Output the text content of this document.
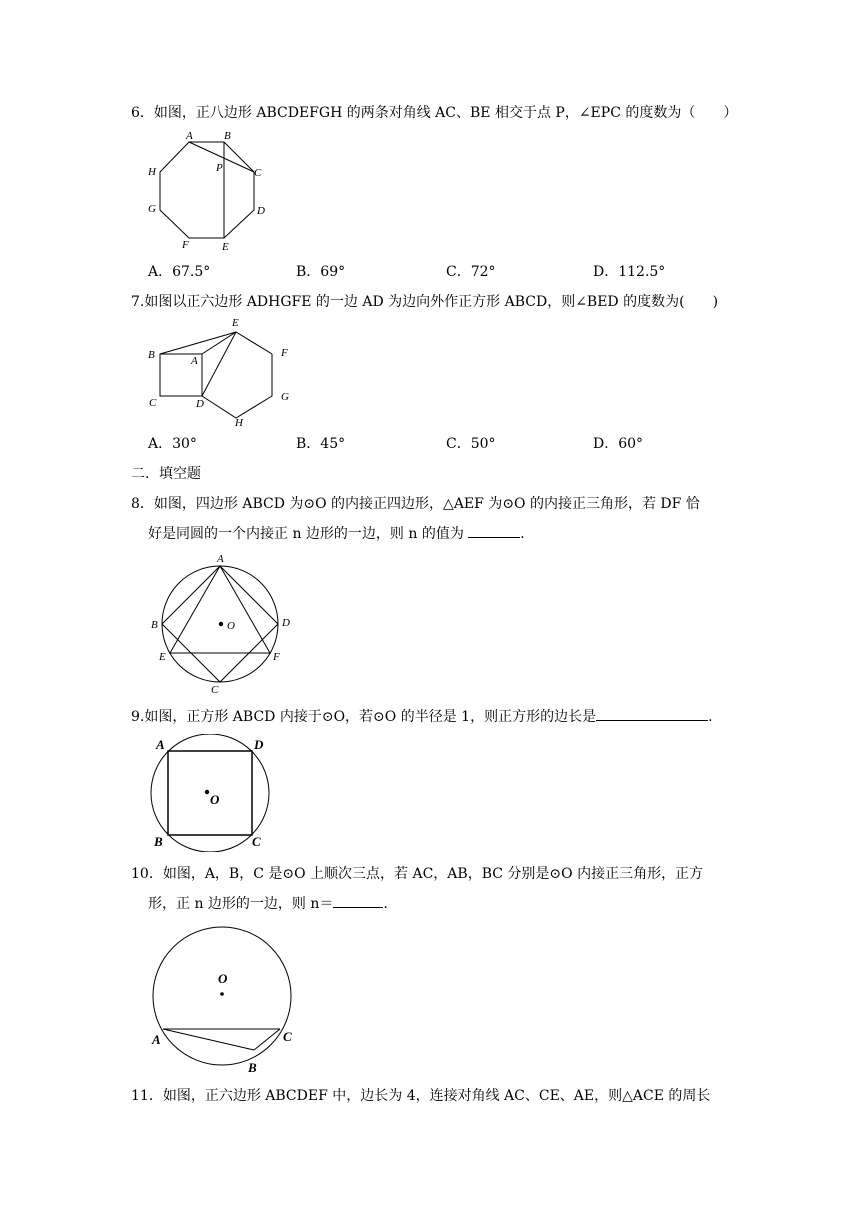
6．如图，正八边形 ABCDEFGH 的两条对角线 AC、BE 相交于点 P，∠EPC 的度数为（　　）
A	B
C
D
E
F
G
H	P
A．67.5°	B．69°	C．72°	D．112.5°
7.如图以正六边形 ADHGFE 的一边 AD 为边向外作正方形 ABCD，则∠BED 的度数为(　　)
E
B	A
F
C	D
G
H
A．30°	B．45°	C．50°	D．60°
二．填空题
8．如图，四边形 ABCD 为⊙O 的内接正四边形，△AEF 为⊙O 的内接正三角形，若 DF 恰
好是同圆的一个内接正 n 边形的一边，则 n 的值为	.
A
B	O	D
E	F
C
9.如图，正方形 ABCD 内接于⊙O，若⊙O 的半径是 1，则正方形的边长是	.
A	D
O
B	C
10．如图，A，B，C 是⊙O 上顺次三点，若 AC，AB，BC 分别是⊙O 内接正三角形，正方
形，正 n 边形的一边，则 n＝	.
O
A	C
B
11．如图，正六边形 ABCDEF 中，边长为 4，连接对角线 AC、CE、AE，则△ACE 的周长
